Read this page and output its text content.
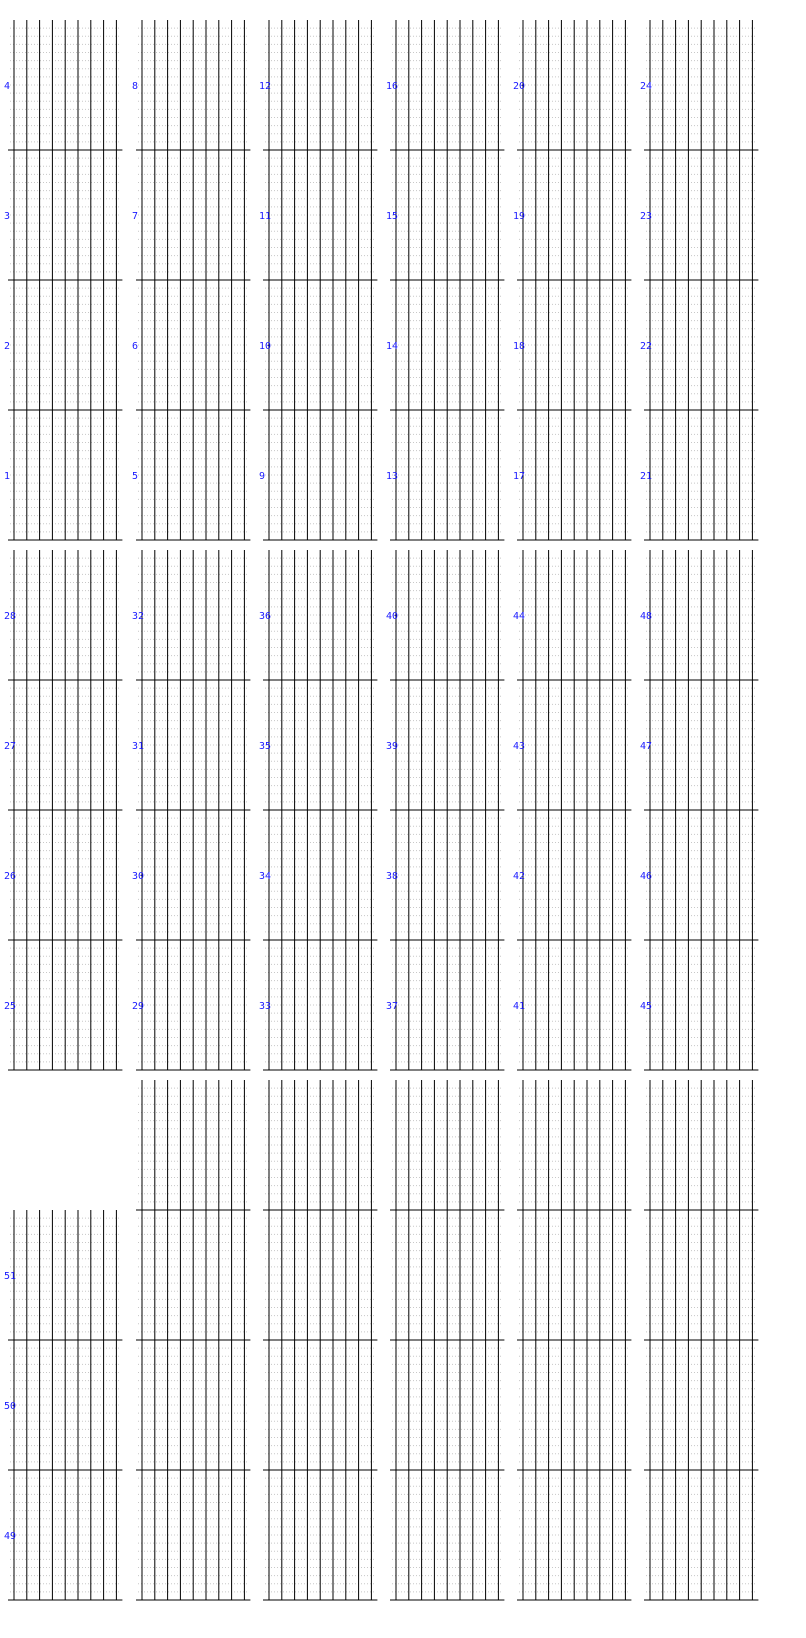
1
2
3
4
5
6
7
8
9
10
11
12
13
14
15
16
17
18
19
20
21
22
23
24
25
26
27
28
29
30
31
32
33
34
35
36
37
38
39
40
41
42
43
44
45
46
47
48
49
50
51
